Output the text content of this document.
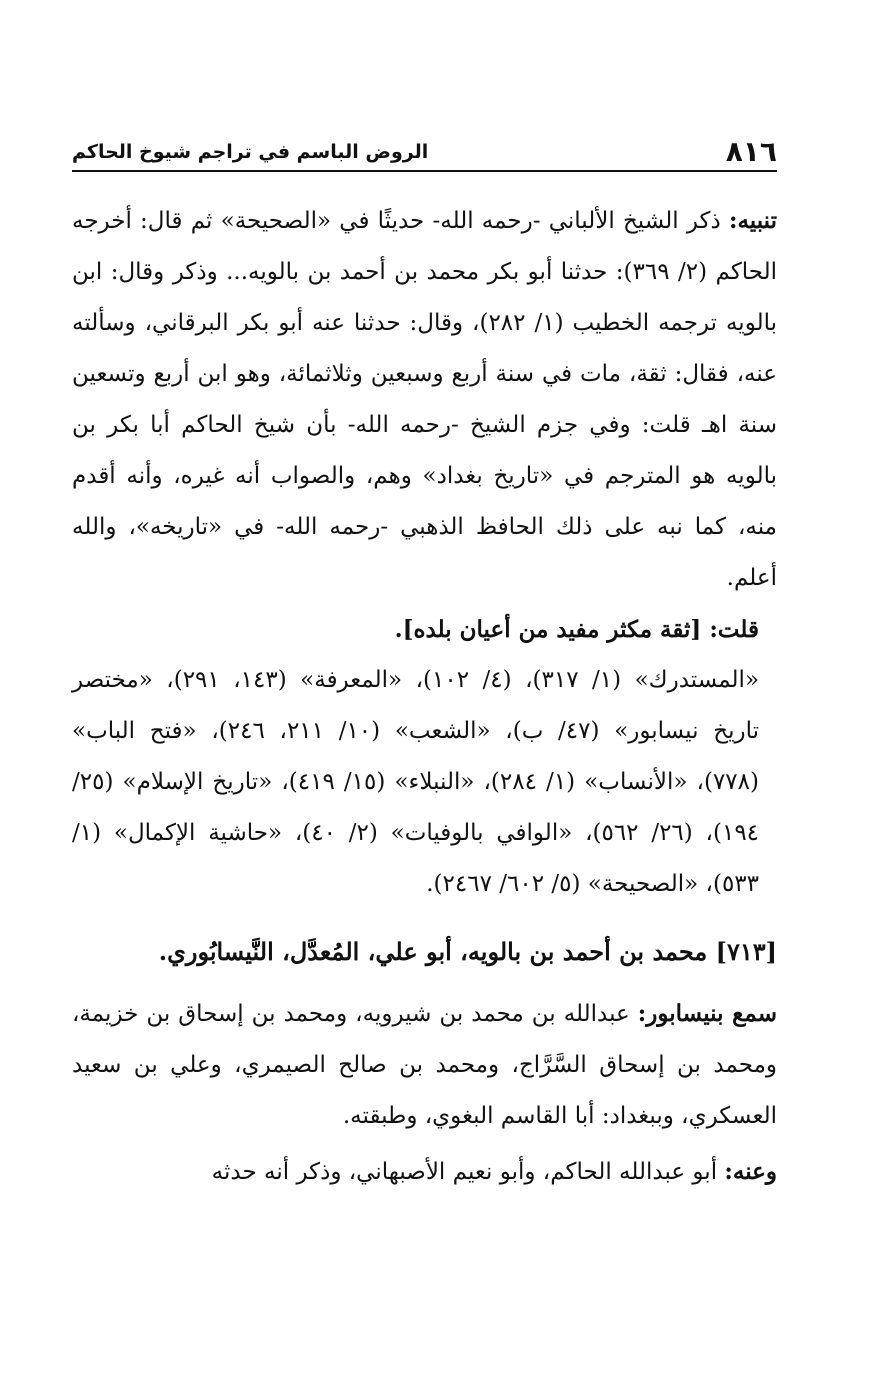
٨١٦
الروض الباسم في تراجم شيوخ الحاكم

تنبيه: ذكر الشيخ الألباني -رحمه الله- حديثًا في «الصحيحة» ثم قال: أخرجه الحاكم (٢/ ٣٦٩): حدثنا أبو بكر محمد بن أحمد بن بالويه... وذكر وقال: ابن بالويه ترجمه الخطيب (١/ ٢٨٢)، وقال: حدثنا عنه أبو بكر البرقاني، وسألته عنه، فقال: ثقة، مات في سنة أربع وسبعين وثلاثمائة، وهو ابن أربع وتسعين سنة اهـ قلت: وفي جزم الشيخ -رحمه الله- بأن شيخ الحاكم أبا بكر بن بالويه هو المترجم في «تاريخ بغداد» وهم، والصواب أنه غيره، وأنه أقدم منه، كما نبه على ذلك الحافظ الذهبي -رحمه الله- في «تاريخه»، والله أعلم.

قلت: [ثقة مكثر مفيد من أعيان بلده].

«المستدرك» (١/ ٣١٧)، (٤/ ١٠٢)، «المعرفة» (١٤٣، ٢٩١)، «مختصر تاريخ نيسابور» (٤٧/ ب)، «الشعب» (١٠/ ٢١١، ٢٤٦)، «فتح الباب» (٧٧٨)، «الأنساب» (١/ ٢٨٤)، «النبلاء» (١٥/ ٤١٩)، «تاريخ الإسلام» (٢٥/ ١٩٤)، (٢٦/ ٥٦٢)، «الوافي بالوفيات» (٢/ ٤٠)، «حاشية الإكمال» (١/ ٥٣٣)، «الصحيحة» (٥/ ٦٠٢/ ٢٤٦٧).

[٧١٣] محمد بن أحمد بن بالويه، أبو علي، المُعدَّل، النَّيسابُوري.

سمع بنيسابور: عبدالله بن محمد بن شيرويه، ومحمد بن إسحاق بن خزيمة، ومحمد بن إسحاق السَّرَّاج، ومحمد بن صالح الصيمري، وعلي بن سعيد العسكري، وببغداد: أبا القاسم البغوي، وطبقته.

وعنه: أبو عبدالله الحاكم، وأبو نعيم الأصبهاني، وذكر أنه حدثه
